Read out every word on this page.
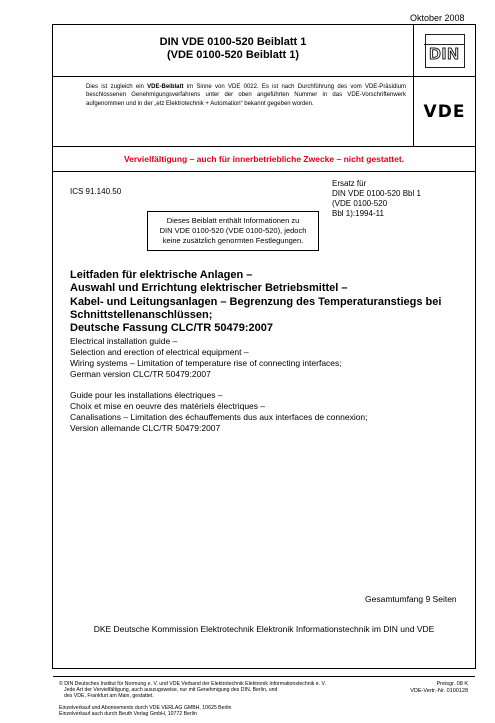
Oktober 2008
DIN VDE 0100-520 Beiblatt 1
(VDE 0100-520 Beiblatt 1)	DIN
Dies ist zugleich ein VDE-Beiblatt im Sinne von VDE 0022. Es ist nach Durchführung des vom VDE-Präsidium beschlossenen Genehmigungsverfahrens unter der oben angeführten Nummer in das VDE-Vorschriftenwerk aufgenommen und in der „etz Elektrotechnik + Automation“ bekannt gegeben worden.	VDE
Vervielfältigung – auch für innerbetriebliche Zwecke – nicht gestattet.
ICS 91.140.50
Ersatz für
DIN VDE 0100-520 Bbl 1
(VDE 0100-520
Bbl 1):1994-11
Dieses Beiblatt enthält Informationen zu
DIN VDE 0100-520 (VDE 0100-520), jedoch
keine zusätzlich genormten Festlegungen.
Leitfaden für elektrische Anlagen –
Auswahl und Errichtung elektrischer Betriebsmittel –
Kabel- und Leitungsanlagen – Begrenzung des Temperaturanstiegs bei
Schnittstellenanschlüssen;
Deutsche Fassung CLC/TR 50479:2007
Electrical installation guide –
Selection and erection of electrical equipment –
Wiring systems – Limitation of temperature rise of connecting interfaces;
German version CLC/TR 50479:2007
Guide pour les installations électriques –
Choix et mise en oeuvre des matériels électriques –
Canalisations – Limitation des échauffements dus aux interfaces de connexion;
Version allemande CLC/TR 50479:2007
Gesamtumfang 9 Seiten
DKE Deutsche Kommission Elektrotechnik Elektronik Informationstechnik im DIN und VDE
© DIN Deutsches Institut für Normung e. V. und VDE Verband der Elektrotechnik Elektronik Informationstechnik e. V.
Jede Art der Vervielfältigung, auch auszugsweise, nur mit Genehmigung des DIN, Berlin, und
des VDE, Frankfurt am Main, gestattet.
Einzelverkauf und Abonnements durch VDE VERLAG GMBH, 10625 Berlin
Einzelverkauf auch durch Beuth Verlag GmbH, 10772 Berlin
Preisgr. 08 K
VDE-Vertr.-Nr. 0100128
